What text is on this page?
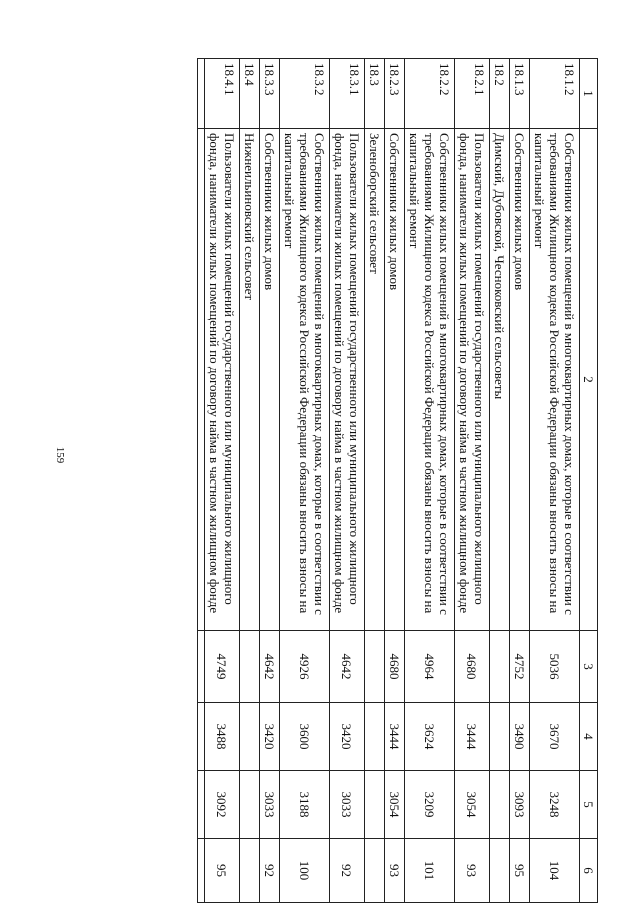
159
1	2	3	4	5	6
18.1.2	Собственники жилых помещений в многоквартирных домах, которые в соответствии с требованиями Жилищного кодекса Российской Федерации обязаны вносить взносы на капитальный ремонт	5036	3670	3248	104
18.1.3	Собственники жилых домов	4752	3490	3093	95
18.2	Димский, Дубовской, Чесноковский сельсоветы				
18.2.1	Пользователи жилых помещений государственного или муниципального жилищного фонда, наниматели жилых помещений по договору найма в частном жилищном фонде	4680	3444	3054	93
18.2.2	Собственники жилых помещений в многоквартирных домах, которые в соответствии с требованиями Жилищного кодекса Российской Федерации обязаны вносить взносы на капитальный ремонт	4964	3624	3209	101
18.2.3	Собственники жилых домов	4680	3444	3054	93
18.3	Зеленоборский сельсовет				
18.3.1	Пользователи жилых помещений государственного или муниципального жилищного фонда, наниматели жилых помещений по договору найма в частном жилищном фонде	4642	3420	3033	92
18.3.2	Собственники жилых помещений в многоквартирных домах, которые в соответствии с требованиями Жилищного кодекса Российской Федерации обязаны вносить взносы на капитальный ремонт	4926	3600	3188	100
18.3.3	Собственники жилых домов	4642	3420	3033	92
18.4	Нижнеильиновский сельсовет				
18.4.1	Пользователи жилых помещений государственного или муниципального жилищного фонда, наниматели жилых помещений по договору найма в частном жилищном фонде	4749	3488	3092	95
